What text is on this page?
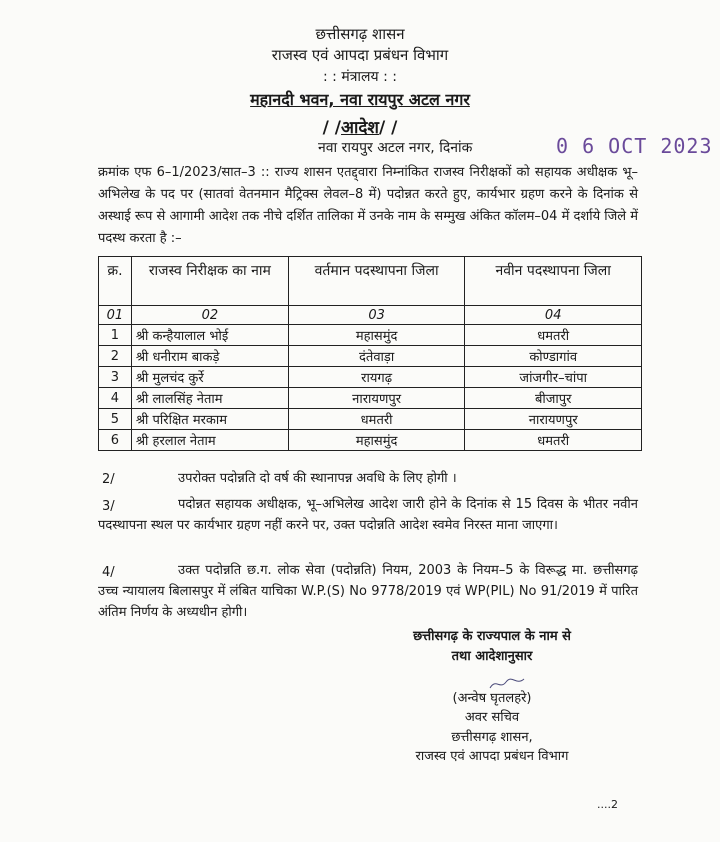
छत्तीसगढ़ शासन
राजस्व एवं आपदा प्रबंधन विभाग
: : मंत्रालय : :
महानदी भवन, नवा रायपुर अटल नगर
/ /आदेश/ /
नवा रायपुर अटल नगर, दिनांक	0 6 OCT 2023
क्रमांक एफ 6–1/2023/सात–3 :: राज्य शासन एतद्द्वारा निम्नांकित राजस्व निरीक्षकों को सहायक अधीक्षक भू–अभिलेख के पद पर (सातवां वेतनमान मैट्रिक्स लेवल–8 में) पदोन्नत करते हुए, कार्यभार ग्रहण करने के दिनांक से अस्थाई रूप से आगामी आदेश तक नीचे दर्शित तालिका में उनके नाम के सम्मुख अंकित कॉलम–04 में दर्शाये जिले में पदस्थ करता है :–
क्र.	राजस्व निरीक्षक का नाम	वर्तमान पदस्थापना जिला	नवीन पदस्थापना जिला
01	02	03	04
1	श्री कन्हैयालाल भोई	महासमुंद	धमतरी
2	श्री धनीराम बाकड़े	दंतेवाड़ा	कोण्डागांव
3	श्री मुलचंद कुर्रे	रायगढ़	जांजगीर–चांपा
4	श्री लालसिंह नेताम	नारायणपुर	बीजापुर
5	श्री परिक्षित मरकाम	धमतरी	नारायणपुर
6	श्री हरलाल नेताम	महासमुंद	धमतरी
2/	उपरोक्त पदोन्नति दो वर्ष की स्थानापन्न अवधि के लिए होगी ।
3/	पदोन्नत सहायक अधीक्षक, भू–अभिलेख आदेश जारी होने के दिनांक से 15 दिवस के भीतर नवीन पदस्थापना स्थल पर कार्यभार ग्रहण नहीं करने पर, उक्त पदोन्नति आदेश स्वमेव निरस्त माना जाएगा।
4/	उक्त पदोन्नति छ.ग. लोक सेवा (पदोन्नति) नियम, 2003 के नियम–5 के विरूद्ध मा. छत्तीसगढ़ उच्च न्यायालय बिलासपुर में लंबित याचिका W.P.(S) No 9778/2019 एवं WP(PIL) No 91/2019 में पारित अंतिम निर्णय के अध्यधीन होगी।
छत्तीसगढ़ के राज्यपाल के नाम से
तथा आदेशानुसार
(अन्वेष घृतलहरे)
अवर सचिव
छत्तीसगढ़ शासन,
राजस्व एवं आपदा प्रबंधन विभाग
....2
